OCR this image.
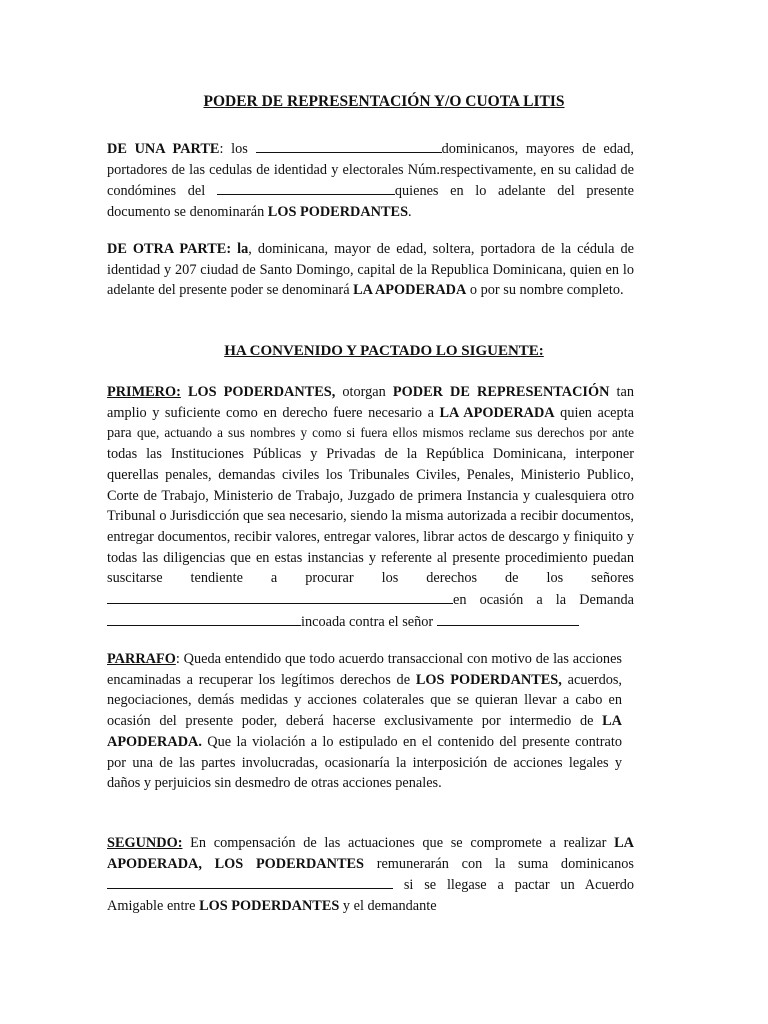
PODER DE REPRESENTACIÓN Y/O CUOTA LITIS

DE UNA PARTE: los	dominicanos, mayores de edad, portadores de las cedulas de identidad y electorales Núm.respectivamente, en su calidad de condómines del	quienes en lo adelante del presente documento se denominarán LOS PODERDANTES.

DE OTRA PARTE: la, dominicana, mayor de edad, soltera, portadora de la cédula de identidad y 207 ciudad de Santo Domingo, capital de la Republica Dominicana, quien en lo adelante del presente poder se denominará LA APODERADA o por su nombre completo.

HA CONVENIDO Y PACTADO LO SIGUENTE:

PRIMERO: LOS PODERDANTES, otorgan PODER DE REPRESENTACIÓN tan amplio y suficiente como en derecho fuere necesario a LA APODERADA quien acepta para que, actuando a sus nombres y como si fuera ellos mismos reclame sus derechos por ante todas las Instituciones Públicas y Privadas de la República Dominicana, interponer querellas penales, demandas civiles los Tribunales Civiles, Penales, Ministerio Publico, Corte de Trabajo, Ministerio de Trabajo, Juzgado de primera Instancia y cualesquiera otro Tribunal o Jurisdicción que sea necesario, siendo la misma autorizada a recibir documentos, entregar documentos, recibir valores, entregar valores, librar actos de descargo y finiquito y todas las diligencias que en estas instancias y referente al presente procedimiento puedan suscitarse tendiente a procurar los derechos de los señores en ocasión a la Demanda incoada contra el señor

PARRAFO: Queda entendido que todo acuerdo transaccional con motivo de las acciones encaminadas a recuperar los legítimos derechos de LOS PODERDANTES, acuerdos, negociaciones, demás medidas y acciones colaterales que se quieran llevar a cabo en ocasión del presente poder, deberá hacerse exclusivamente por intermedio de LA APODERADA. Que la violación a lo estipulado en el contenido del presente contrato por una de las partes involucradas, ocasionaría la interposición de acciones legales y daños y perjuicios sin desmedro de otras acciones penales.

SEGUNDO: En compensación de las actuaciones que se compromete a realizar LA APODERADA, LOS PODERDANTES remunerarán con la suma dominicanos  si se llegase a pactar un Acuerdo Amigable entre LOS PODERDANTES y el demandante
